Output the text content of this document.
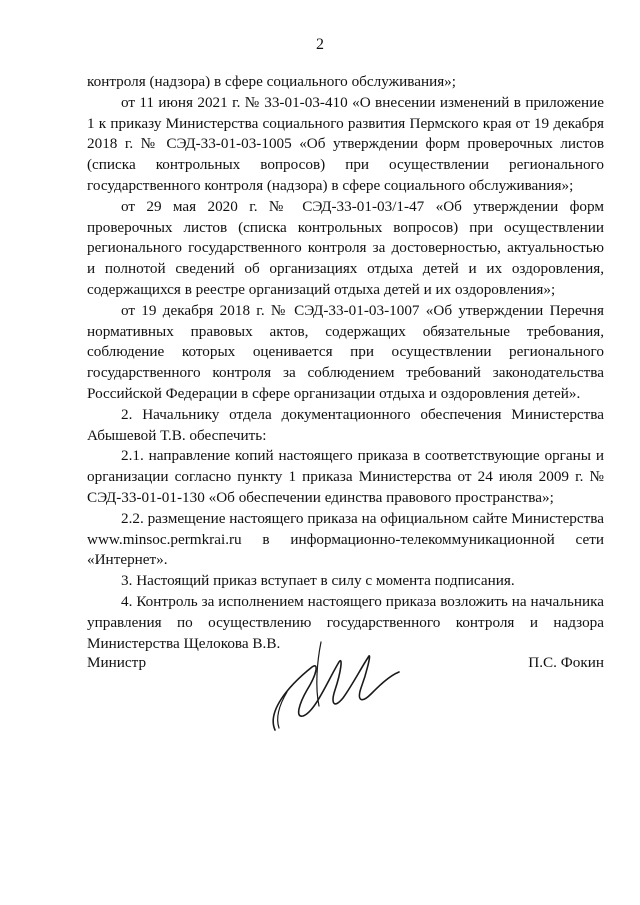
2

контроля (надзора) в сфере социального обслуживания»;

от 11 июня 2021 г. № 33-01-03-410 «О внесении изменений в приложение 1 к приказу Министерства социального развития Пермского края от 19 декабря 2018 г. № СЭД-33-01-03-1005 «Об утверждении форм проверочных листов (списка контрольных вопросов) при осуществлении регионального государственного контроля (надзора) в сфере социального обслуживания»;

от 29 мая 2020 г. № СЭД-33-01-03/1-47 «Об утверждении форм проверочных листов (списка контрольных вопросов) при осуществлении регионального государственного контроля за достоверностью, актуальностью и полнотой сведений об организациях отдыха детей и их оздоровления, содержащихся в реестре организаций отдыха детей и их оздоровления»;

от 19 декабря 2018 г. № СЭД-33-01-03-1007 «Об утверждении Перечня нормативных правовых актов, содержащих обязательные требования, соблюдение которых оценивается при осуществлении регионального государственного контроля за соблюдением требований законодательства Российской Федерации в сфере организации отдыха и оздоровления детей».

2. Начальнику отдела документационного обеспечения Министерства Абышевой Т.В. обеспечить:

2.1. направление копий настоящего приказа в соответствующие органы и организации согласно пункту 1 приказа Министерства от 24 июля 2009 г. № СЭД-33-01-01-130 «Об обеспечении единства правового пространства»;

2.2. размещение настоящего приказа на официальном сайте Министерства www.minsoc.permkrai.ru в информационно-телекоммуникационной сети «Интернет».

3. Настоящий приказ вступает в силу с момента подписания.

4. Контроль за исполнением настоящего приказа возложить на начальника управления по осуществлению государственного контроля и надзора Министерства Щелокова В.В.

Министр	П.С. Фокин
